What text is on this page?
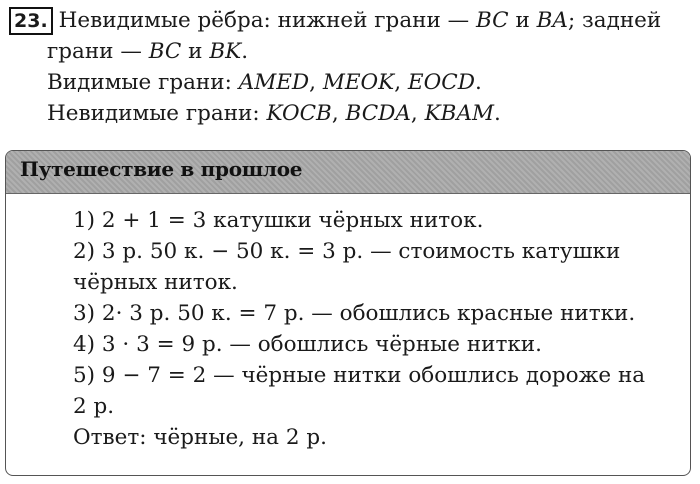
23. Невидимые рёбра: нижней грани — BC и BA; задней
грани — BC и BK.
Видимые грани: AMED, MEOK, EOCD.
Невидимые грани: KOCB, BCDA, KBAM.
Путешествие в прошлое
1) 2 + 1 = 3 катушки чёрных ниток.
2) 3 р. 50 к. − 50 к. = 3 р. — стоимость катушки
чёрных ниток.
3) 2· 3 р. 50 к. = 7 р. — обошлись красные нитки.
4) 3 · 3 = 9 р. — обошлись чёрные нитки.
5) 9 − 7 = 2 — чёрные нитки обошлись дороже на
2 р.
Ответ: чёрные, на 2 р.
